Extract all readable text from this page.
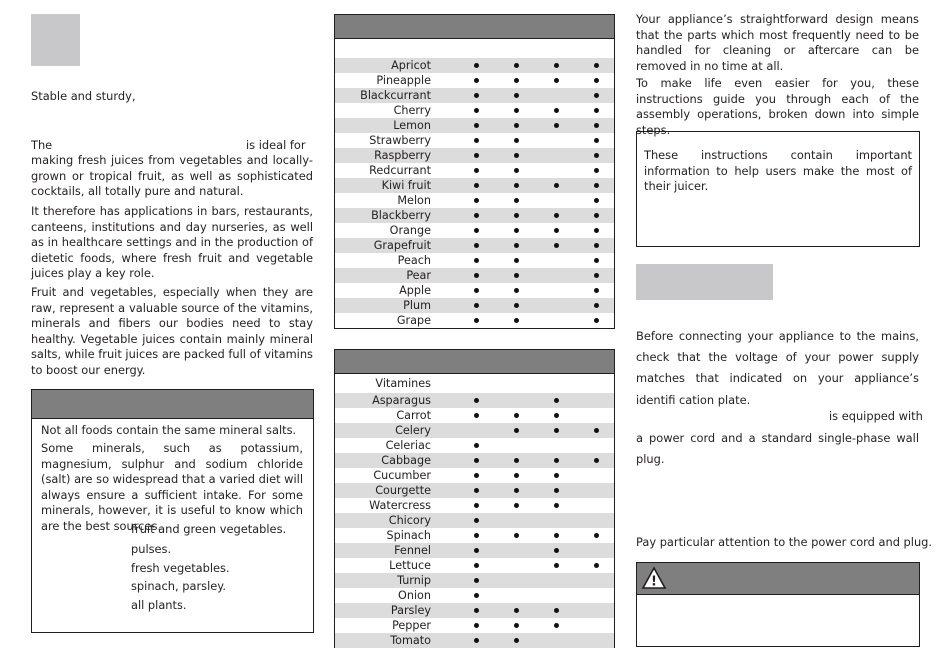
Stable and sturdy,

The	is ideal for

making fresh juices from vegetables and locally-grown or tropical fruit, as well as sophisticated cocktails, all totally pure and natural.

It therefore has applications in bars, restaurants, canteens, institutions and day nurseries, as well as in healthcare settings and in the production of dietetic foods, where fresh fruit and vegetable juices play a key role.

Fruit and vegetables, especially when they are raw, represent a valuable source of the vitamins, minerals and fibers our bodies need to stay healthy. Vegetable juices contain mainly mineral salts, while fruit juices are packed full of vitamins to boost our energy.

Not all foods contain the same mineral salts.

Some minerals, such as potassium, magnesium, sulphur and sodium chloride (salt) are so widespread that a varied diet will always ensure a sufficient intake. For some minerals, however, it is useful to know which are the best sources.

fruit and green vegetables.

pulses.

fresh vegetables.

spinach, parsley.

all plants.

Apricot
Pineapple
Blackcurrant
Cherry
Lemon
Strawberry
Raspberry
Redcurrant
Kiwi fruit
Melon
Blackberry
Orange
Grapefruit
Peach
Pear
Apple
Plum
Grape
Vitamines
Asparagus
Carrot
Celery
Celeriac
Cabbage
Cucumber
Courgette
Watercress
Chicory
Spinach
Fennel
Lettuce
Turnip
Onion
Parsley
Pepper
Tomato

Your appliance’s straightforward design means that the parts which most frequently need to be handled for cleaning or aftercare can be removed in no time at all.

To make life even easier for you, these instructions guide you through each of the assembly operations, broken down into simple steps.

These instructions contain important information to help users make the most of their juicer.

Before connecting your appliance to the mains, check that the voltage of your power supply matches that indicated on your appliance’s identifi cation plate.

is equipped with

a power cord and a standard single-phase wall plug.

Pay particular attention to the power cord and plug.

!
